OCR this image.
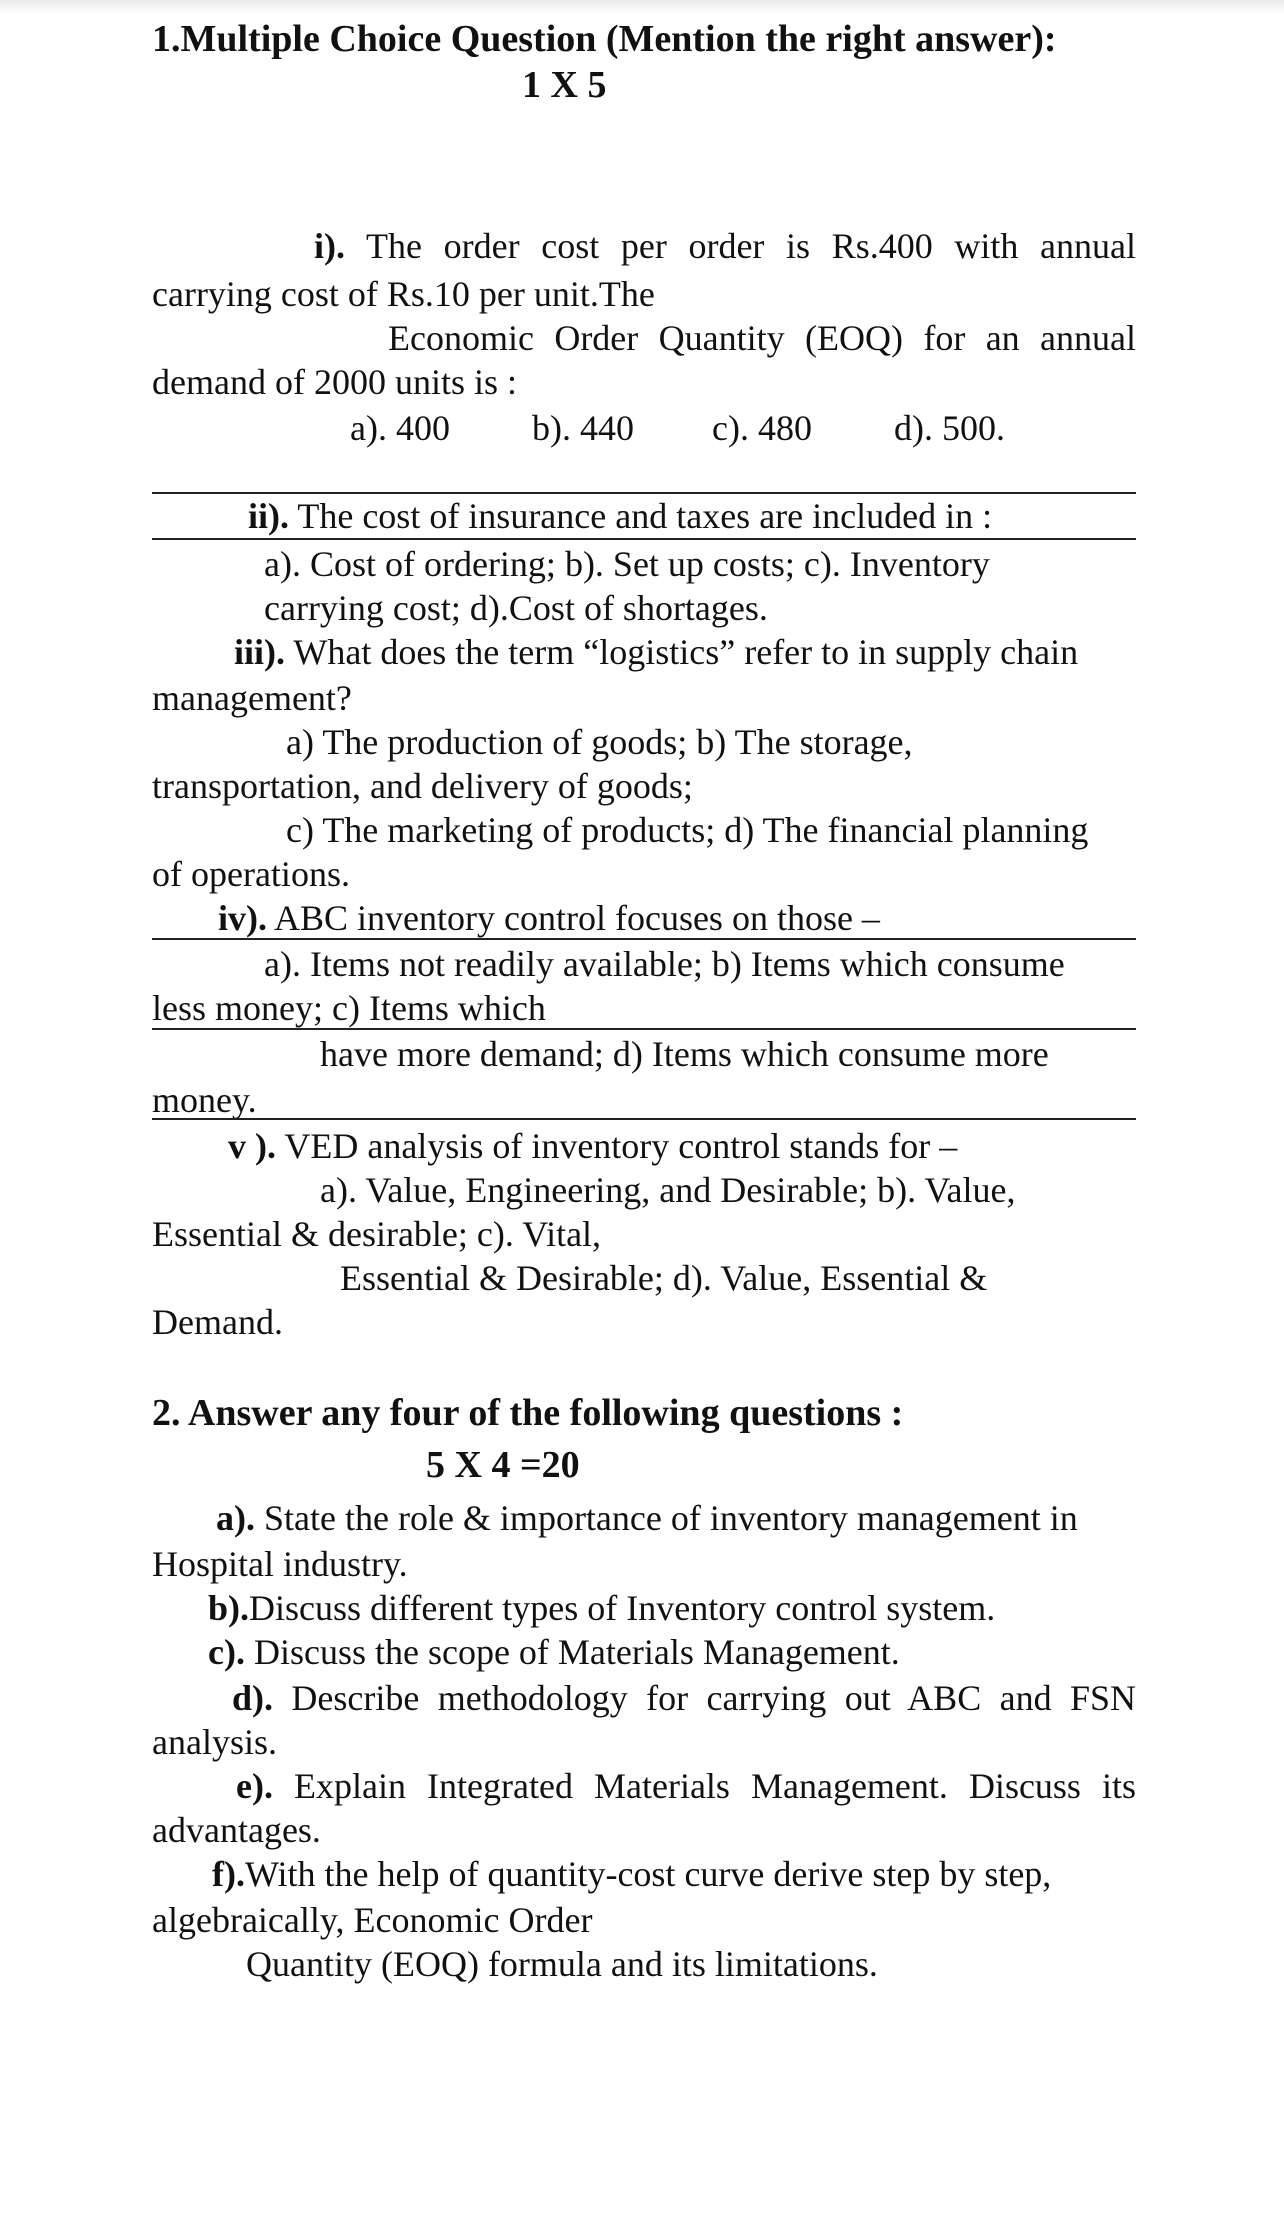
1.Multiple Choice Question (Mention the right answer):
1 X 5
i). The order cost per order is Rs.400 with annual
carrying cost of Rs.10 per unit.The
Economic Order Quantity (EOQ) for an annual
demand of 2000 units is :
a). 400 b). 440 c). 480 d). 500.
ii). The cost of insurance and taxes are included in :
a). Cost of ordering; b). Set up costs; c). Inventory
carrying cost; d).Cost of shortages.
iii). What does the term “logistics” refer to in supply chain
management?
a) The production of goods; b) The storage,
transportation, and delivery of goods;
c) The marketing of products; d) The financial planning
of operations.
iv). ABC inventory control focuses on those –
a). Items not readily available; b) Items which consume
less money; c) Items which
have more demand; d) Items which consume more
money.
v ). VED analysis of inventory control stands for –
a). Value, Engineering, and Desirable; b). Value,
Essential & desirable; c). Vital,
Essential & Desirable; d). Value, Essential &
Demand.
2. Answer any four of the following questions :
5 X 4 =20
a). State the role & importance of inventory management in
Hospital industry.
b).Discuss different types of Inventory control system.
c). Discuss the scope of Materials Management.
d). Describe methodology for carrying out ABC and FSN
analysis.
e). Explain Integrated Materials Management. Discuss its
advantages.
f).With the help of quantity-cost curve derive step by step,
algebraically, Economic Order
Quantity (EOQ) formula and its limitations.
